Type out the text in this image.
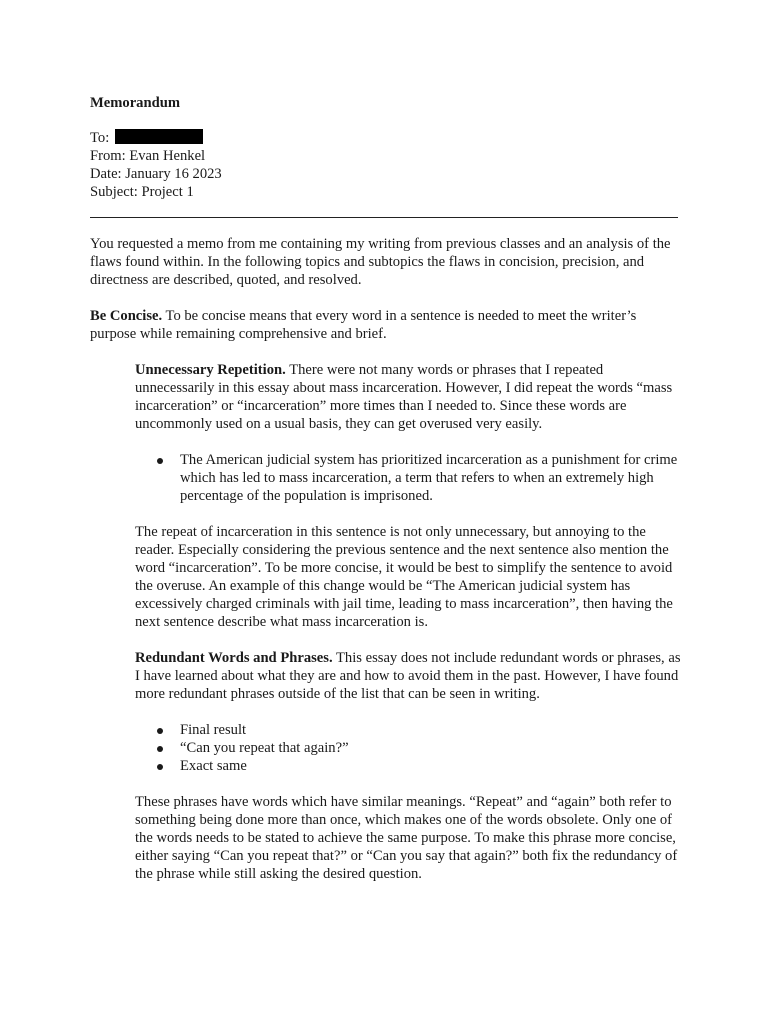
Memorandum
To:
From: Evan Henkel
Date: January 16 2023
Subject: Project 1

You requested a memo from me containing my writing from previous classes and an analysis of the flaws found within. In the following topics and subtopics the flaws in concision, precision, and directness are described, quoted, and resolved.

Be Concise. To be concise means that every word in a sentence is needed to meet the writer’s purpose while remaining comprehensive and brief.

Unnecessary Repetition. There were not many words or phrases that I repeated unnecessarily in this essay about mass incarceration. However, I did repeat the words “mass incarceration” or “incarceration” more times than I needed to. Since these words are uncommonly used on a usual basis, they can get overused very easily.

The American judicial system has prioritized incarceration as a punishment for crime which has led to mass incarceration, a term that refers to when an extremely high percentage of the population is imprisoned.

The repeat of incarceration in this sentence is not only unnecessary, but annoying to the reader. Especially considering the previous sentence and the next sentence also mention the word “incarceration”. To be more concise, it would be best to simplify the sentence to avoid the overuse. An example of this change would be “The American judicial system has excessively charged criminals with jail time, leading to mass incarceration”, then having the next sentence describe what mass incarceration is.

Redundant Words and Phrases. This essay does not include redundant words or phrases, as I have learned about what they are and how to avoid them in the past. However, I have found more redundant phrases outside of the list that can be seen in writing.

Final result
“Can you repeat that again?”
Exact same

These phrases have words which have similar meanings. “Repeat” and “again” both refer to something being done more than once, which makes one of the words obsolete. Only one of the words needs to be stated to achieve the same purpose. To make this phrase more concise, either saying “Can you repeat that?” or “Can you say that again?” both fix the redundancy of the phrase while still asking the desired question.
